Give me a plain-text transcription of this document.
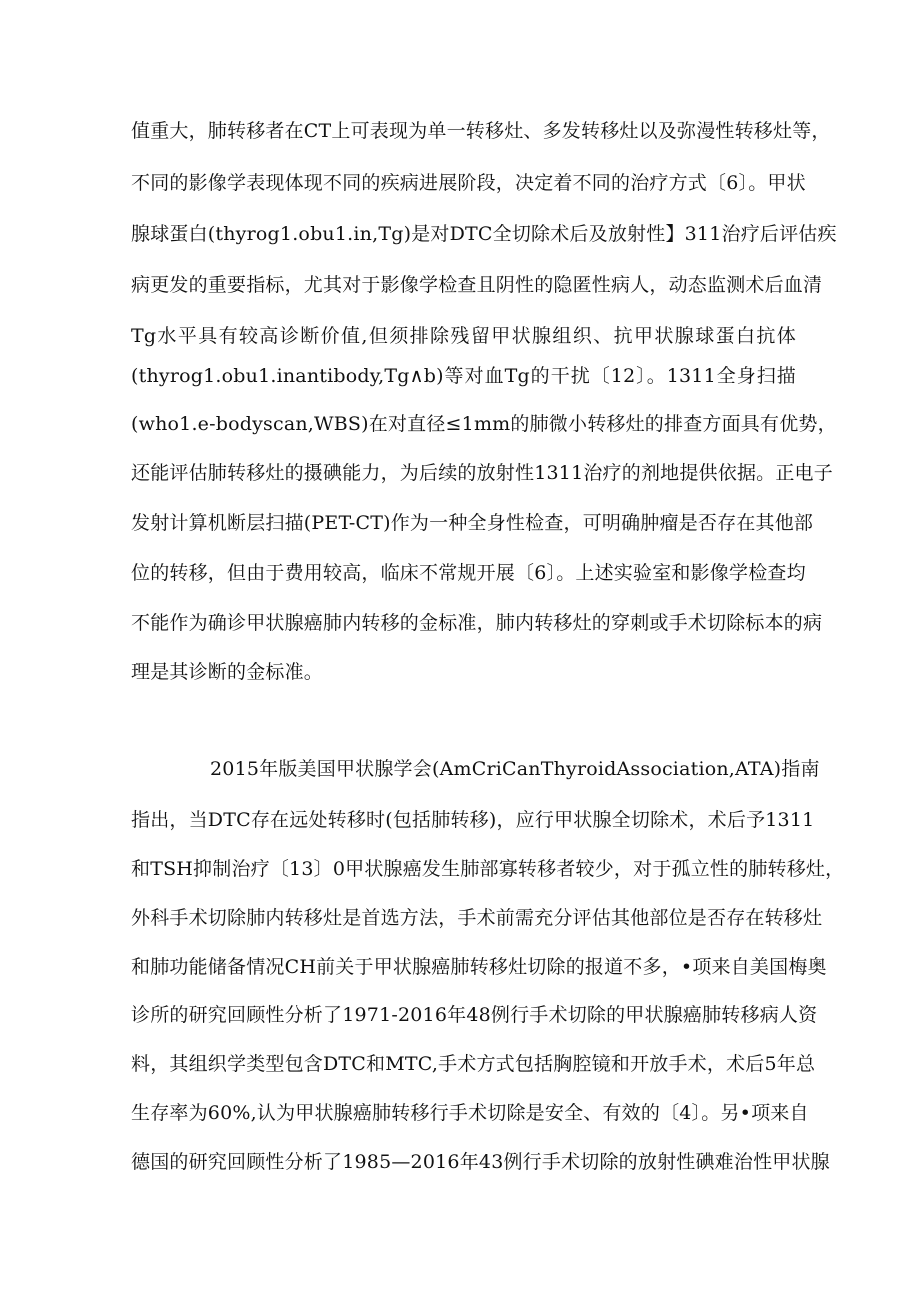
值重大，肺转移者在CT上可表现为单一转移灶、多发转移灶以及弥漫性转移灶等，
不同的影像学表现体现不同的疾病进展阶段，决定着不同的治疗方式〔6〕。甲状
腺球蛋白(thyrog1.obu1.in,Tg)是对DTC全切除术后及放射性】311治疗后评估疾
病更发的重要指标，尤其对于影像学检查且阴性的隐匿性病人，动态监测术后血清
Tg水平具有较高诊断价值,但须排除残留甲状腺组织、抗甲状腺球蛋白抗体
(thyrog1.obu1.inantibody,Tg∧b)等对血Tg的干扰〔12〕。1311全身扫描
(who1.e-bodyscan,WBS)在对直径≤1mm的肺微小转移灶的排查方面具有优势，
还能评估肺转移灶的摄碘能力，为后续的放射性1311治疗的剂地提供依据。正电子
发射计算机断层扫描(PET-CT)作为一种全身性检查，可明确肿瘤是否存在其他部
位的转移，但由于费用较高，临床不常规开展〔6〕。上述实验室和影像学检查均
不能作为确诊甲状腺癌肺内转移的金标准，肺内转移灶的穿刺或手术切除标本的病
理是其诊断的金标准。
2015年版美国甲状腺学会(AmCriCanThyroidAssociation,ATA)指南
指出，当DTC存在远处转移时(包括肺转移)，应行甲状腺全切除术，术后予1311
和TSH抑制治疗〔13〕0甲状腺癌发生肺部寡转移者较少，对于孤立性的肺转移灶，
外科手术切除肺内转移灶是首选方法，手术前需充分评估其他部位是否存在转移灶
和肺功能储备情况CH前关于甲状腺癌肺转移灶切除的报道不多，•项来自美国梅奥
诊所的研究回顾性分析了1971-2016年48例行手术切除的甲状腺癌肺转移病人资
料，其组织学类型包含DTC和MTC,手术方式包括胸腔镜和开放手术，术后5年总
生存率为60%,认为甲状腺癌肺转移行手术切除是安全、有效的〔4〕。另•项来自
德国的研究回顾性分析了1985—2016年43例行手术切除的放射性碘难治性甲状腺
